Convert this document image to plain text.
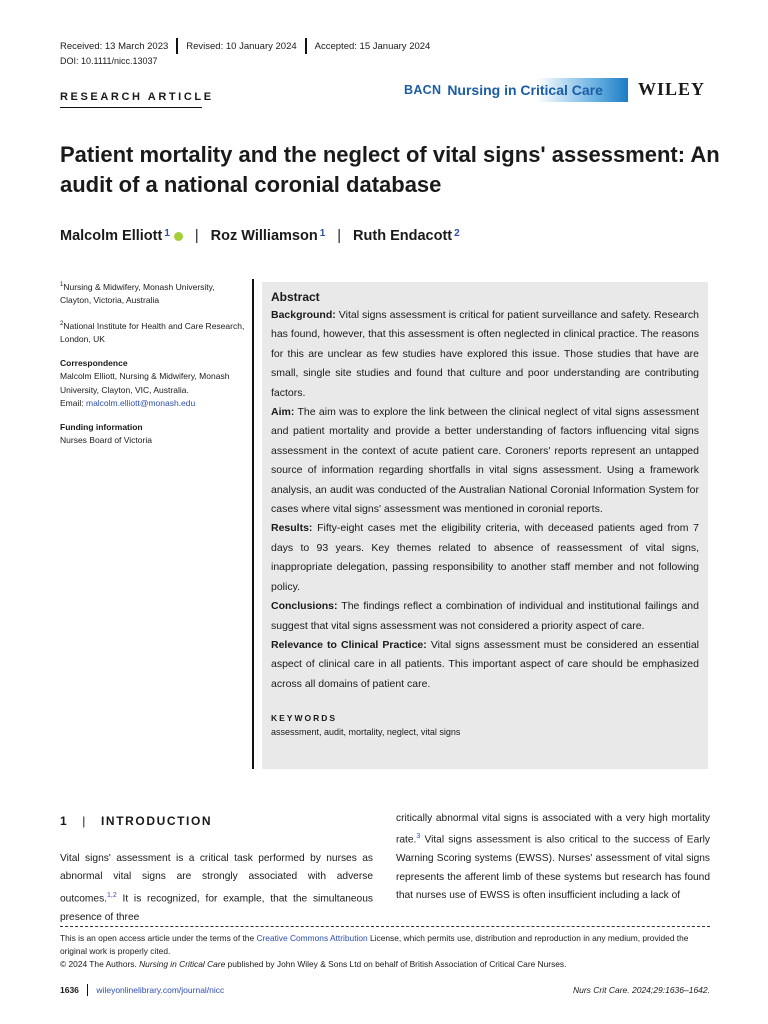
Received: 13 March 2023 Revised: 10 January 2024 Accepted: 15 January 2024
DOI: 10.1111/nicc.13037
RESEARCH ARTICLE	BACN Nursing in Critical Care WILEY
Patient mortality and the neglect of vital signs' assessment: An audit of a national coronial database
Malcolm Elliott 1 | Roz Williamson 1 | Ruth Endacott 2

$^1$Nursing & Midwifery, Monash University, Clayton, Victoria, Australia

$^2$National Institute for Health and Care Research, London, UK

Correspondence
Malcolm Elliott, Nursing & Midwifery, Monash University, Clayton, VIC, Australia.
Email: malcolm.elliott@monash.edu

Funding information
Nurses Board of Victoria

Abstract

Background: Vital signs assessment is critical for patient surveillance and safety. Research has found, however, that this assessment is often neglected in clinical practice. The reasons for this are unclear as few studies have explored this issue. Those studies that have are small, single site studies and found that culture and poor understanding are contributing factors.

Aim: The aim was to explore the link between the clinical neglect of vital signs assessment and patient mortality and provide a better understanding of factors influencing vital signs assessment in the context of acute patient care. Coroners' reports represent an untapped source of information regarding shortfalls in vital signs assessment. Using a framework analysis, an audit was conducted of the Australian National Coronial Information System for cases where vital signs' assessment was mentioned in coronial reports.

Results: Fifty-eight cases met the eligibility criteria, with deceased patients aged from 7 days to 93 years. Key themes related to absence of reassessment of vital signs, inappropriate delegation, passing responsibility to another staff member and not following policy.

Conclusions: The findings reflect a combination of individual and institutional failings and suggest that vital signs assessment was not considered a priority aspect of care.

Relevance to Clinical Practice: Vital signs assessment must be considered an essential aspect of clinical care in all patients. This important aspect of care should be emphasized across all domains of patient care.

KEYWORDS
assessment, audit, mortality, neglect, vital signs
1 | INTRODUCTION
Vital signs' assessment is a critical task performed by nurses as abnormal vital signs are strongly associated with adverse outcomes.$^{1,2}$ It is recognized, for example, that the simultaneous presence of three
critically abnormal vital signs is associated with a very high mortality rate.$^3$ Vital signs assessment is also critical to the success of Early Warning Scoring systems (EWSS). Nurses' assessment of vital signs represents the afferent limb of these systems but research has found that nurses use of EWSS is often insufficient including a lack of

This is an open access article under the terms of the Creative Commons Attribution License, which permits use, distribution and reproduction in any medium, provided the original work is properly cited.

© 2024 The Authors. Nursing in Critical Care published by John Wiley & Sons Ltd on behalf of British Association of Critical Care Nurses.

1636 wileyonlinelibrary.com/journal/nicc	Nurs Crit Care. 2024;29:1636–1642.
